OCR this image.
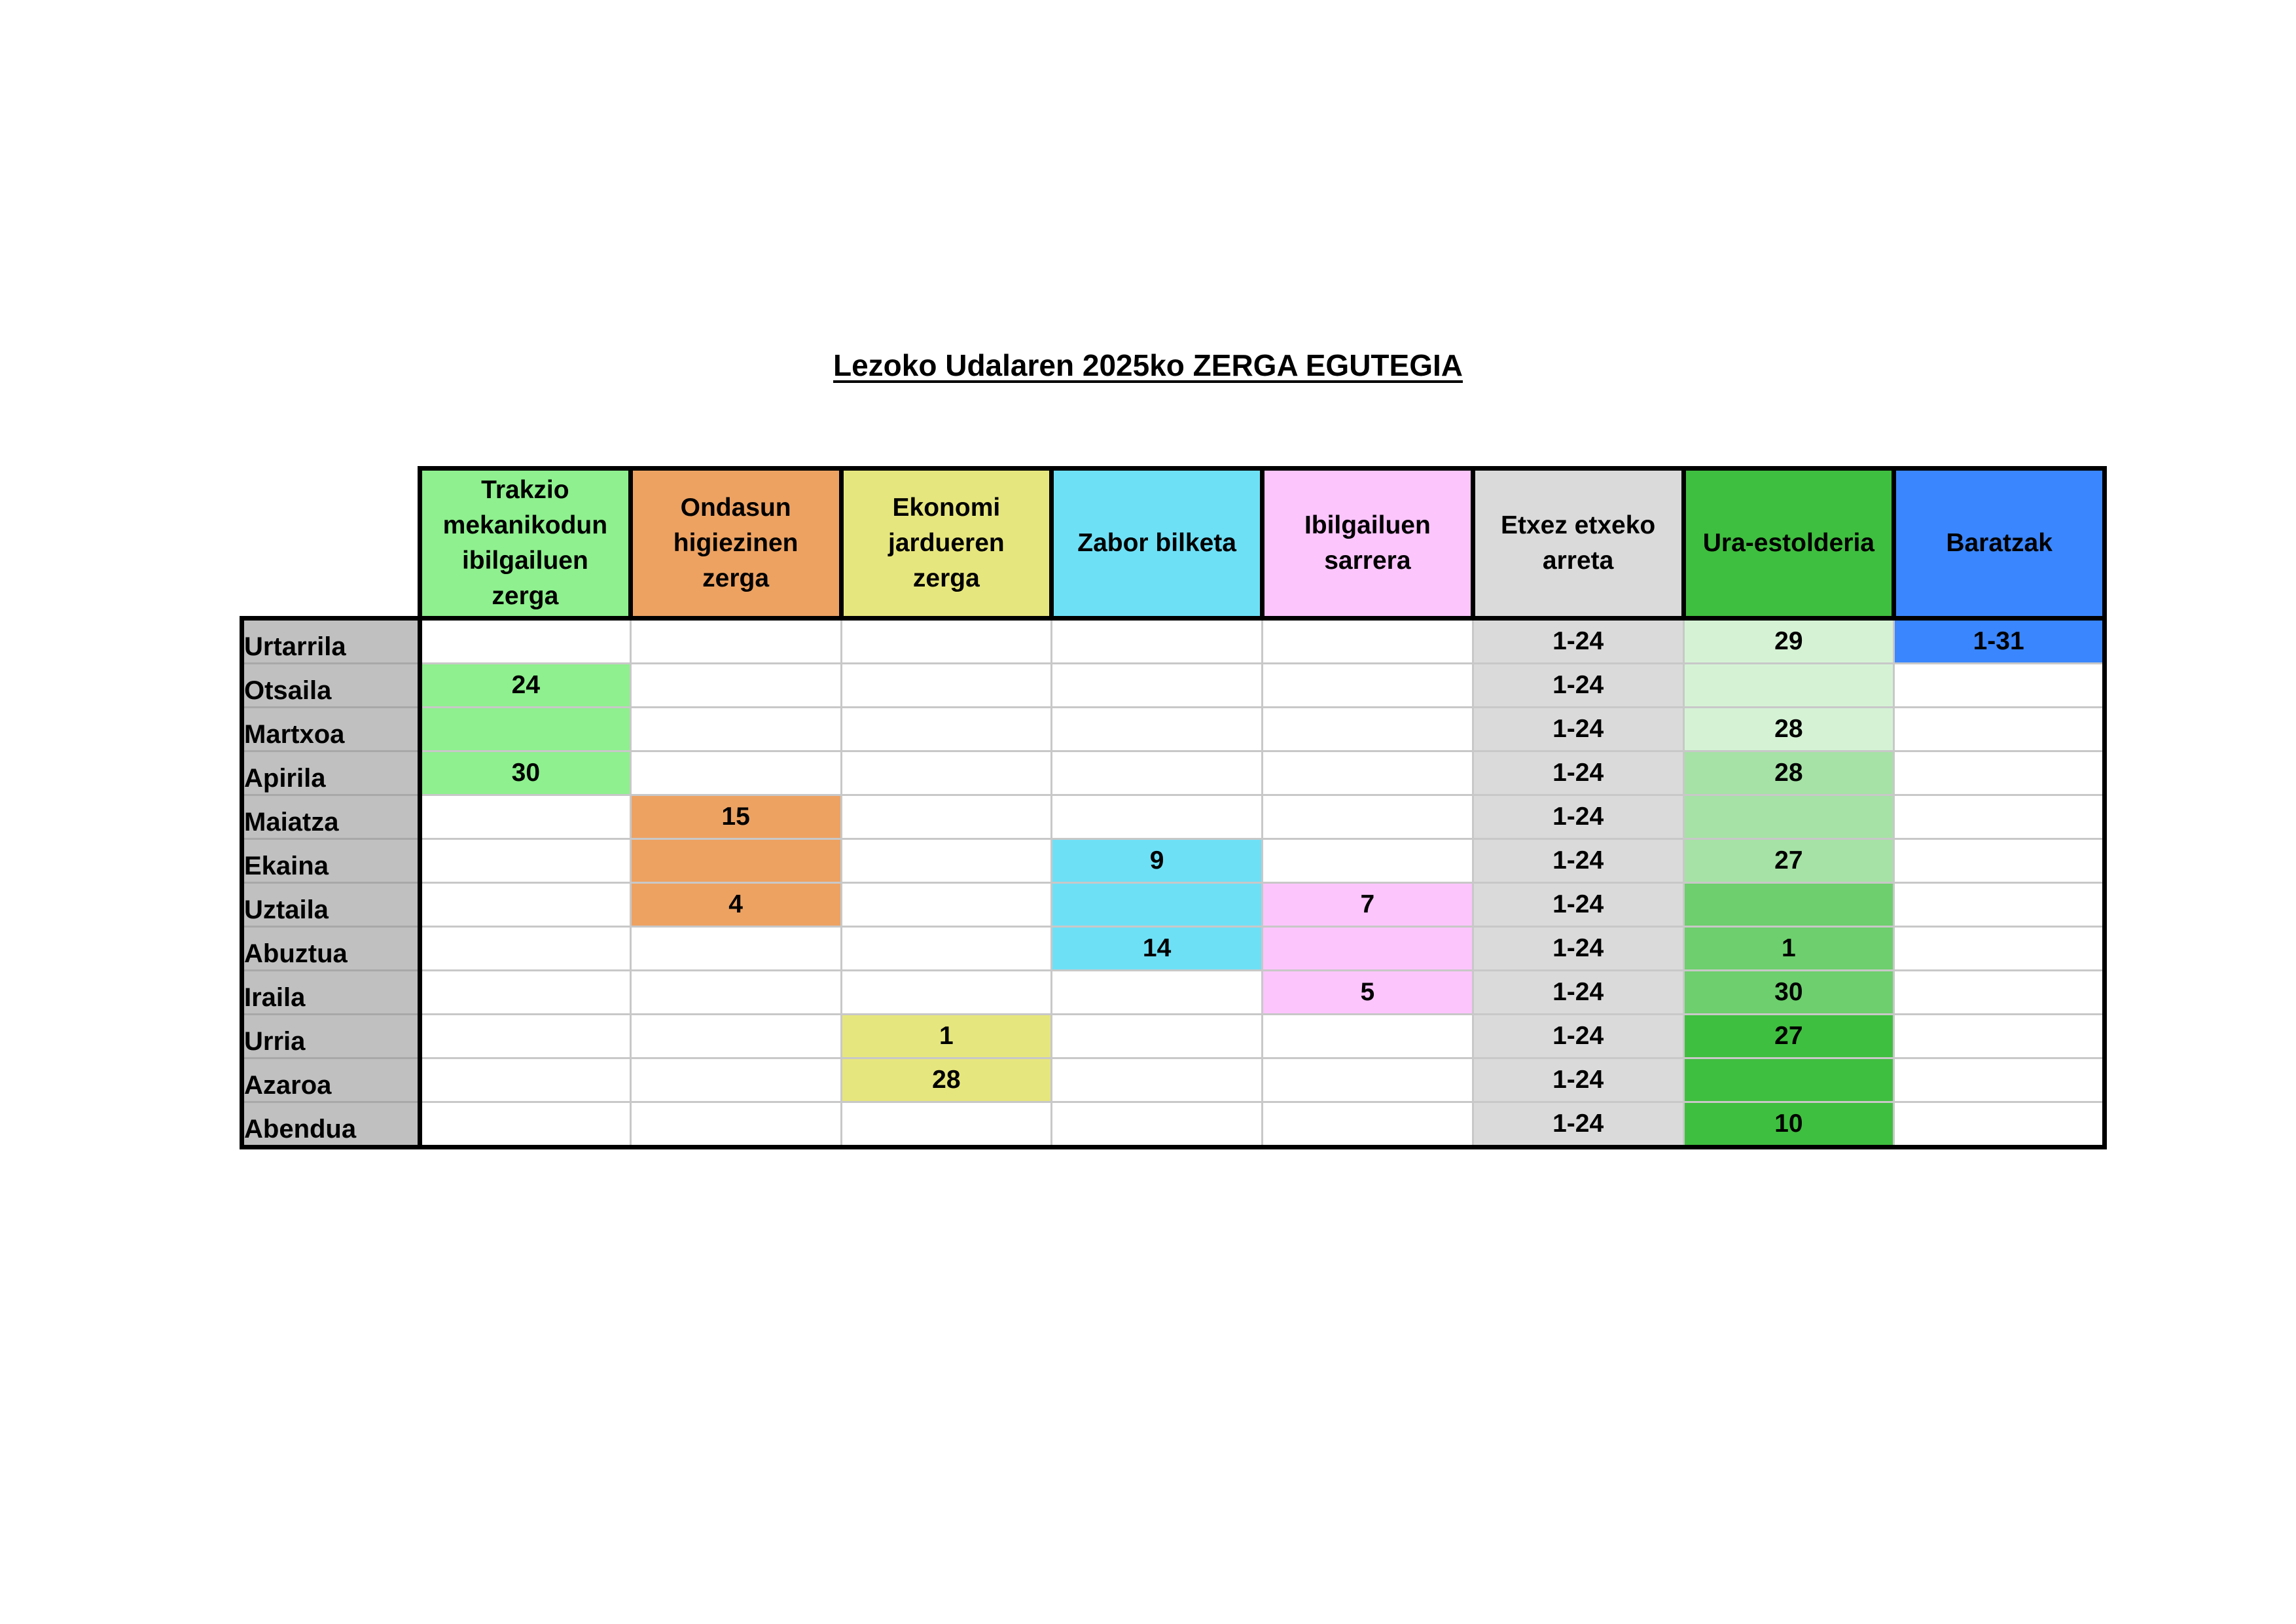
Lezoko Udalaren 2025ko ZERGA EGUTEGIA
	Trakzio
mekanikodun
ibilgailuen
zerga	Ondasun
higiezinen
zerga	Ekonomi
jardueren
zerga	Zabor bilketa	Ibilgailuen
sarrera	Etxez etxeko
arreta	Ura-estolderia	Baratzak
Urtarrila						1-24	29	1-31
Otsaila	24					1-24		
Martxoa						1-24	28	
Apirila	30					1-24	28	
Maiatza		15				1-24		
Ekaina				9		1-24	27	
Uztaila		4			7	1-24		
Abuztua				14		1-24	1	
Iraila					5	1-24	30	
Urria			1			1-24	27	
Azaroa			28			1-24		
Abendua						1-24	10	
